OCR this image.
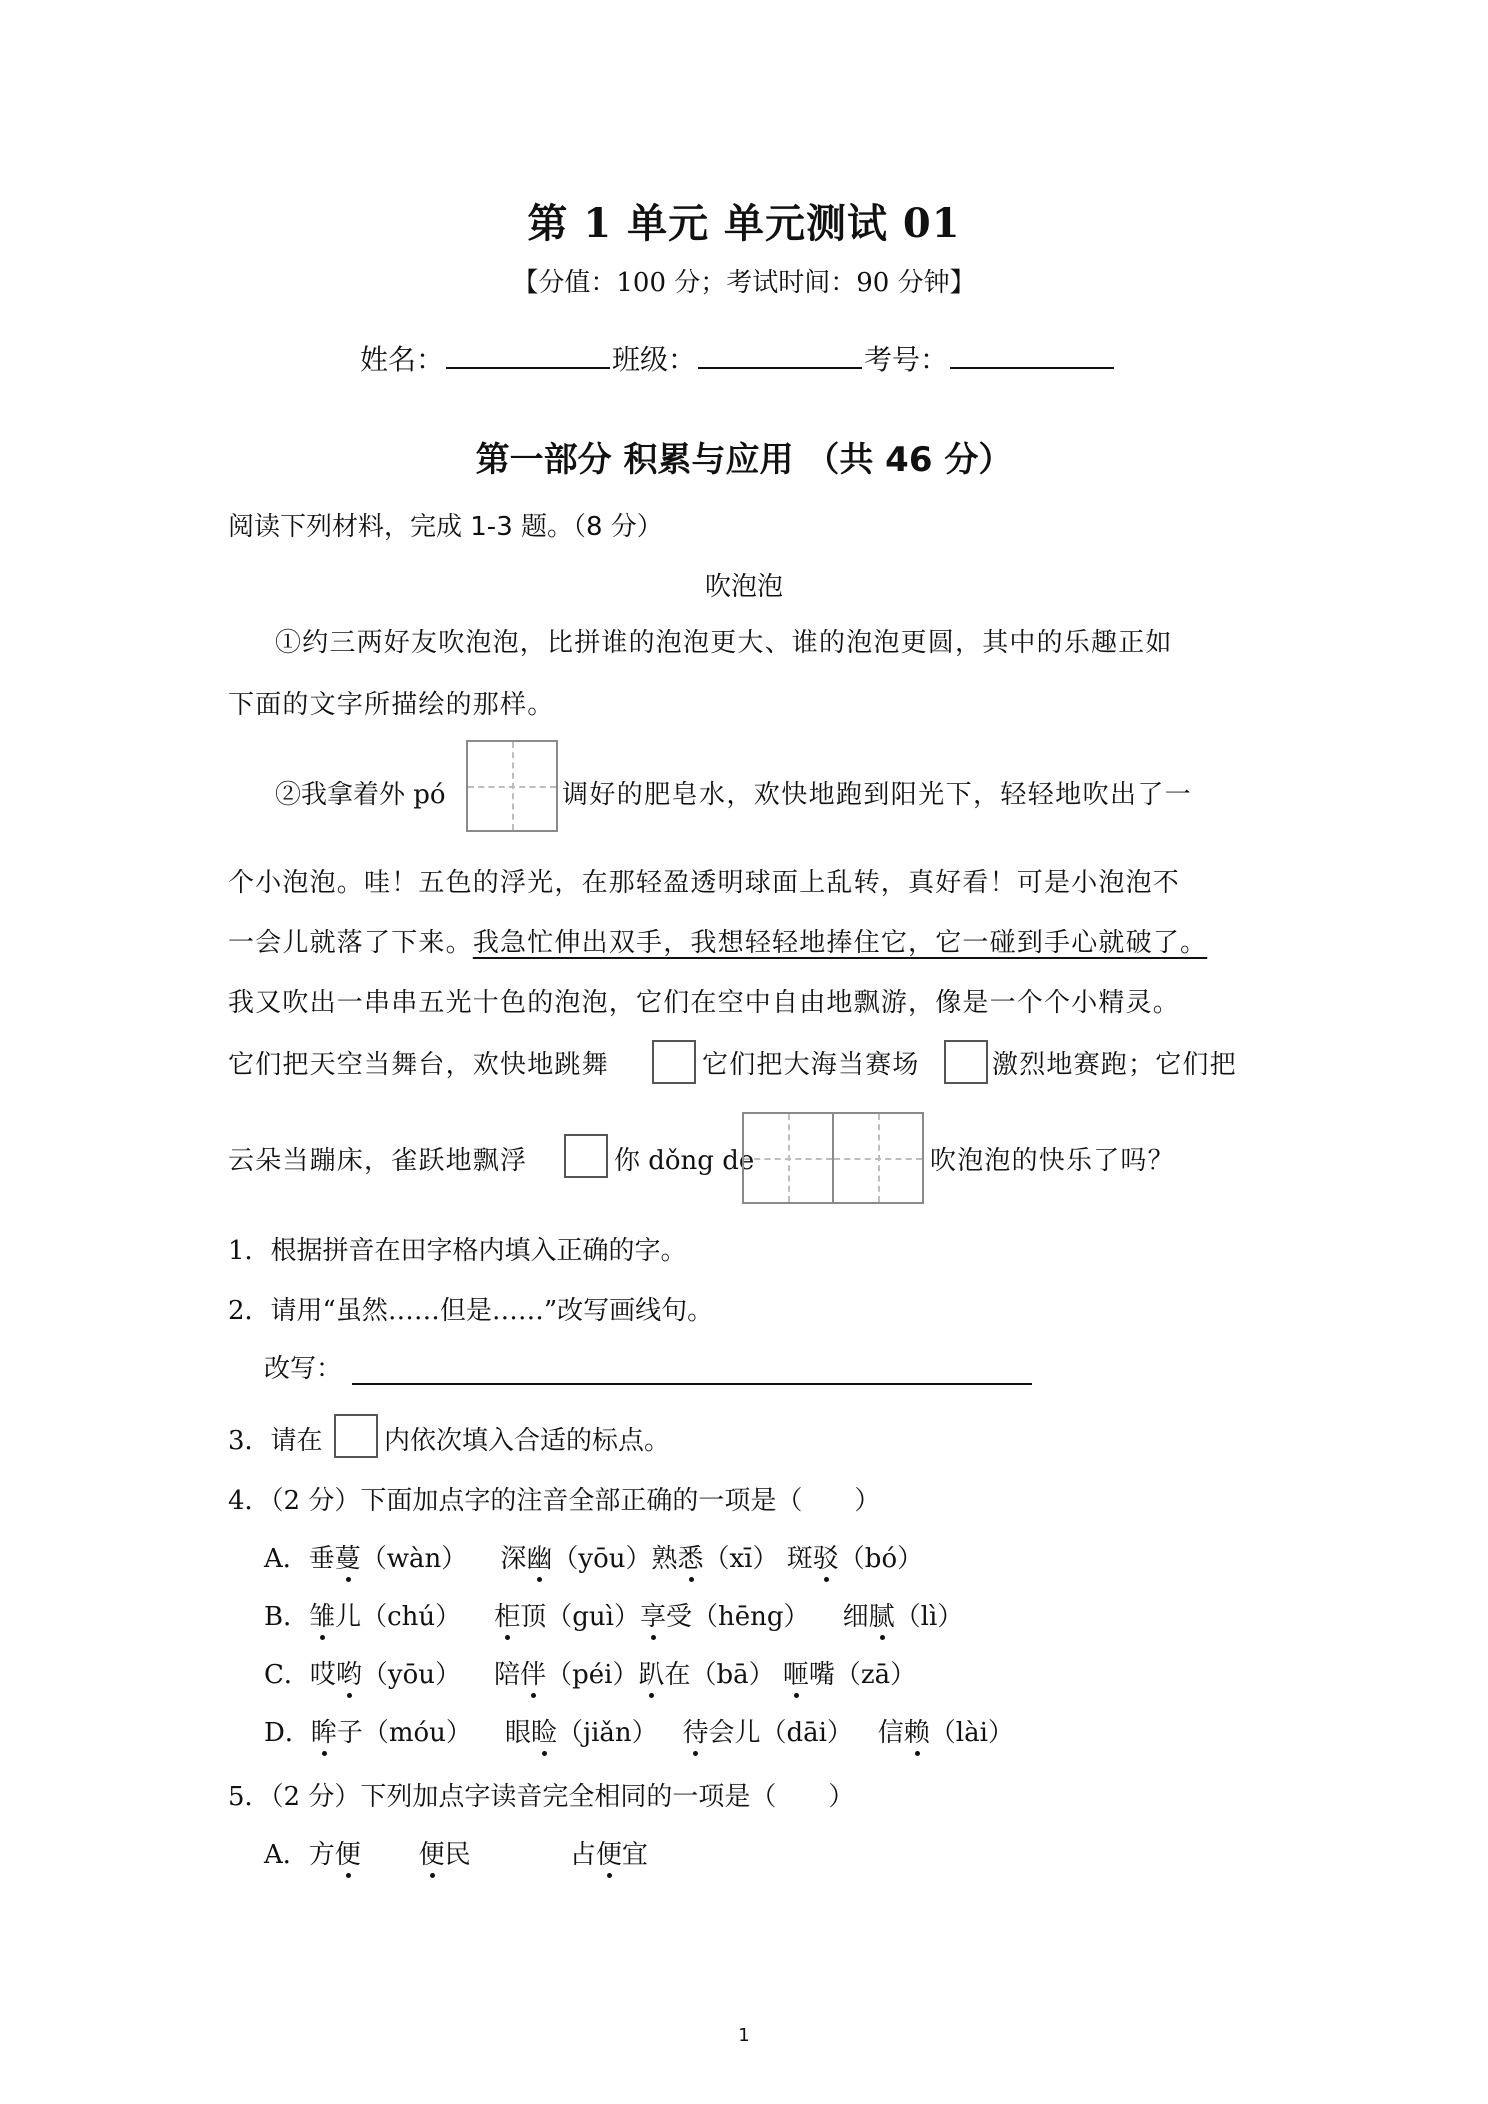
第 1 单元 单元测试 01
【分值：100 分；考试时间：90 分钟】
姓名：	班级：	考号：
第一部分 积累与应用 （共 46 分）
阅读下列材料，完成 1-3 题。（8 分）
吹泡泡
①约三两好友吹泡泡，比拼谁的泡泡更大、谁的泡泡更圆，其中的乐趣正如
下面的文字所描绘的那样。
②我拿着外 pó	调好的肥皂水，欢快地跑到阳光下，轻轻地吹出了一
个小泡泡。哇！五色的浮光，在那轻盈透明球面上乱转，真好看！可是小泡泡不
一会儿就落了下来。我急忙伸出双手，我想轻轻地捧住它，它一碰到手心就破了。
我又吹出一串串五光十色的泡泡，它们在空中自由地飘游，像是一个个小精灵。
它们把天空当舞台，欢快地跳舞	它们把大海当赛场	激烈地赛跑；它们把
云朵当蹦床，雀跃地飘浮	你 dǒng de	吹泡泡的快乐了吗？
1．根据拼音在田字格内填入正确的字。
2．请用“虽然……但是……”改写画线句。
改写：
3．请在 内依次填入合适的标点。
4．（2 分）下面加点字的注音全部正确的一项是（　　）
A．垂蔓（wàn） 深幽（yōu）熟悉（xī） 斑驳（bó）
B．雏儿（chú） 柜顶（guì）享受（hēng） 细腻（lì）
C．哎哟（yōu） 陪伴（péi）趴在（bā） 咂嘴（zā）
D．眸子（móu） 眼睑（jiǎn） 待会儿（dāi） 信赖（lài）
5．（2 分）下列加点字读音完全相同的一项是（　　）
A．方便 便民	占便宜
1
